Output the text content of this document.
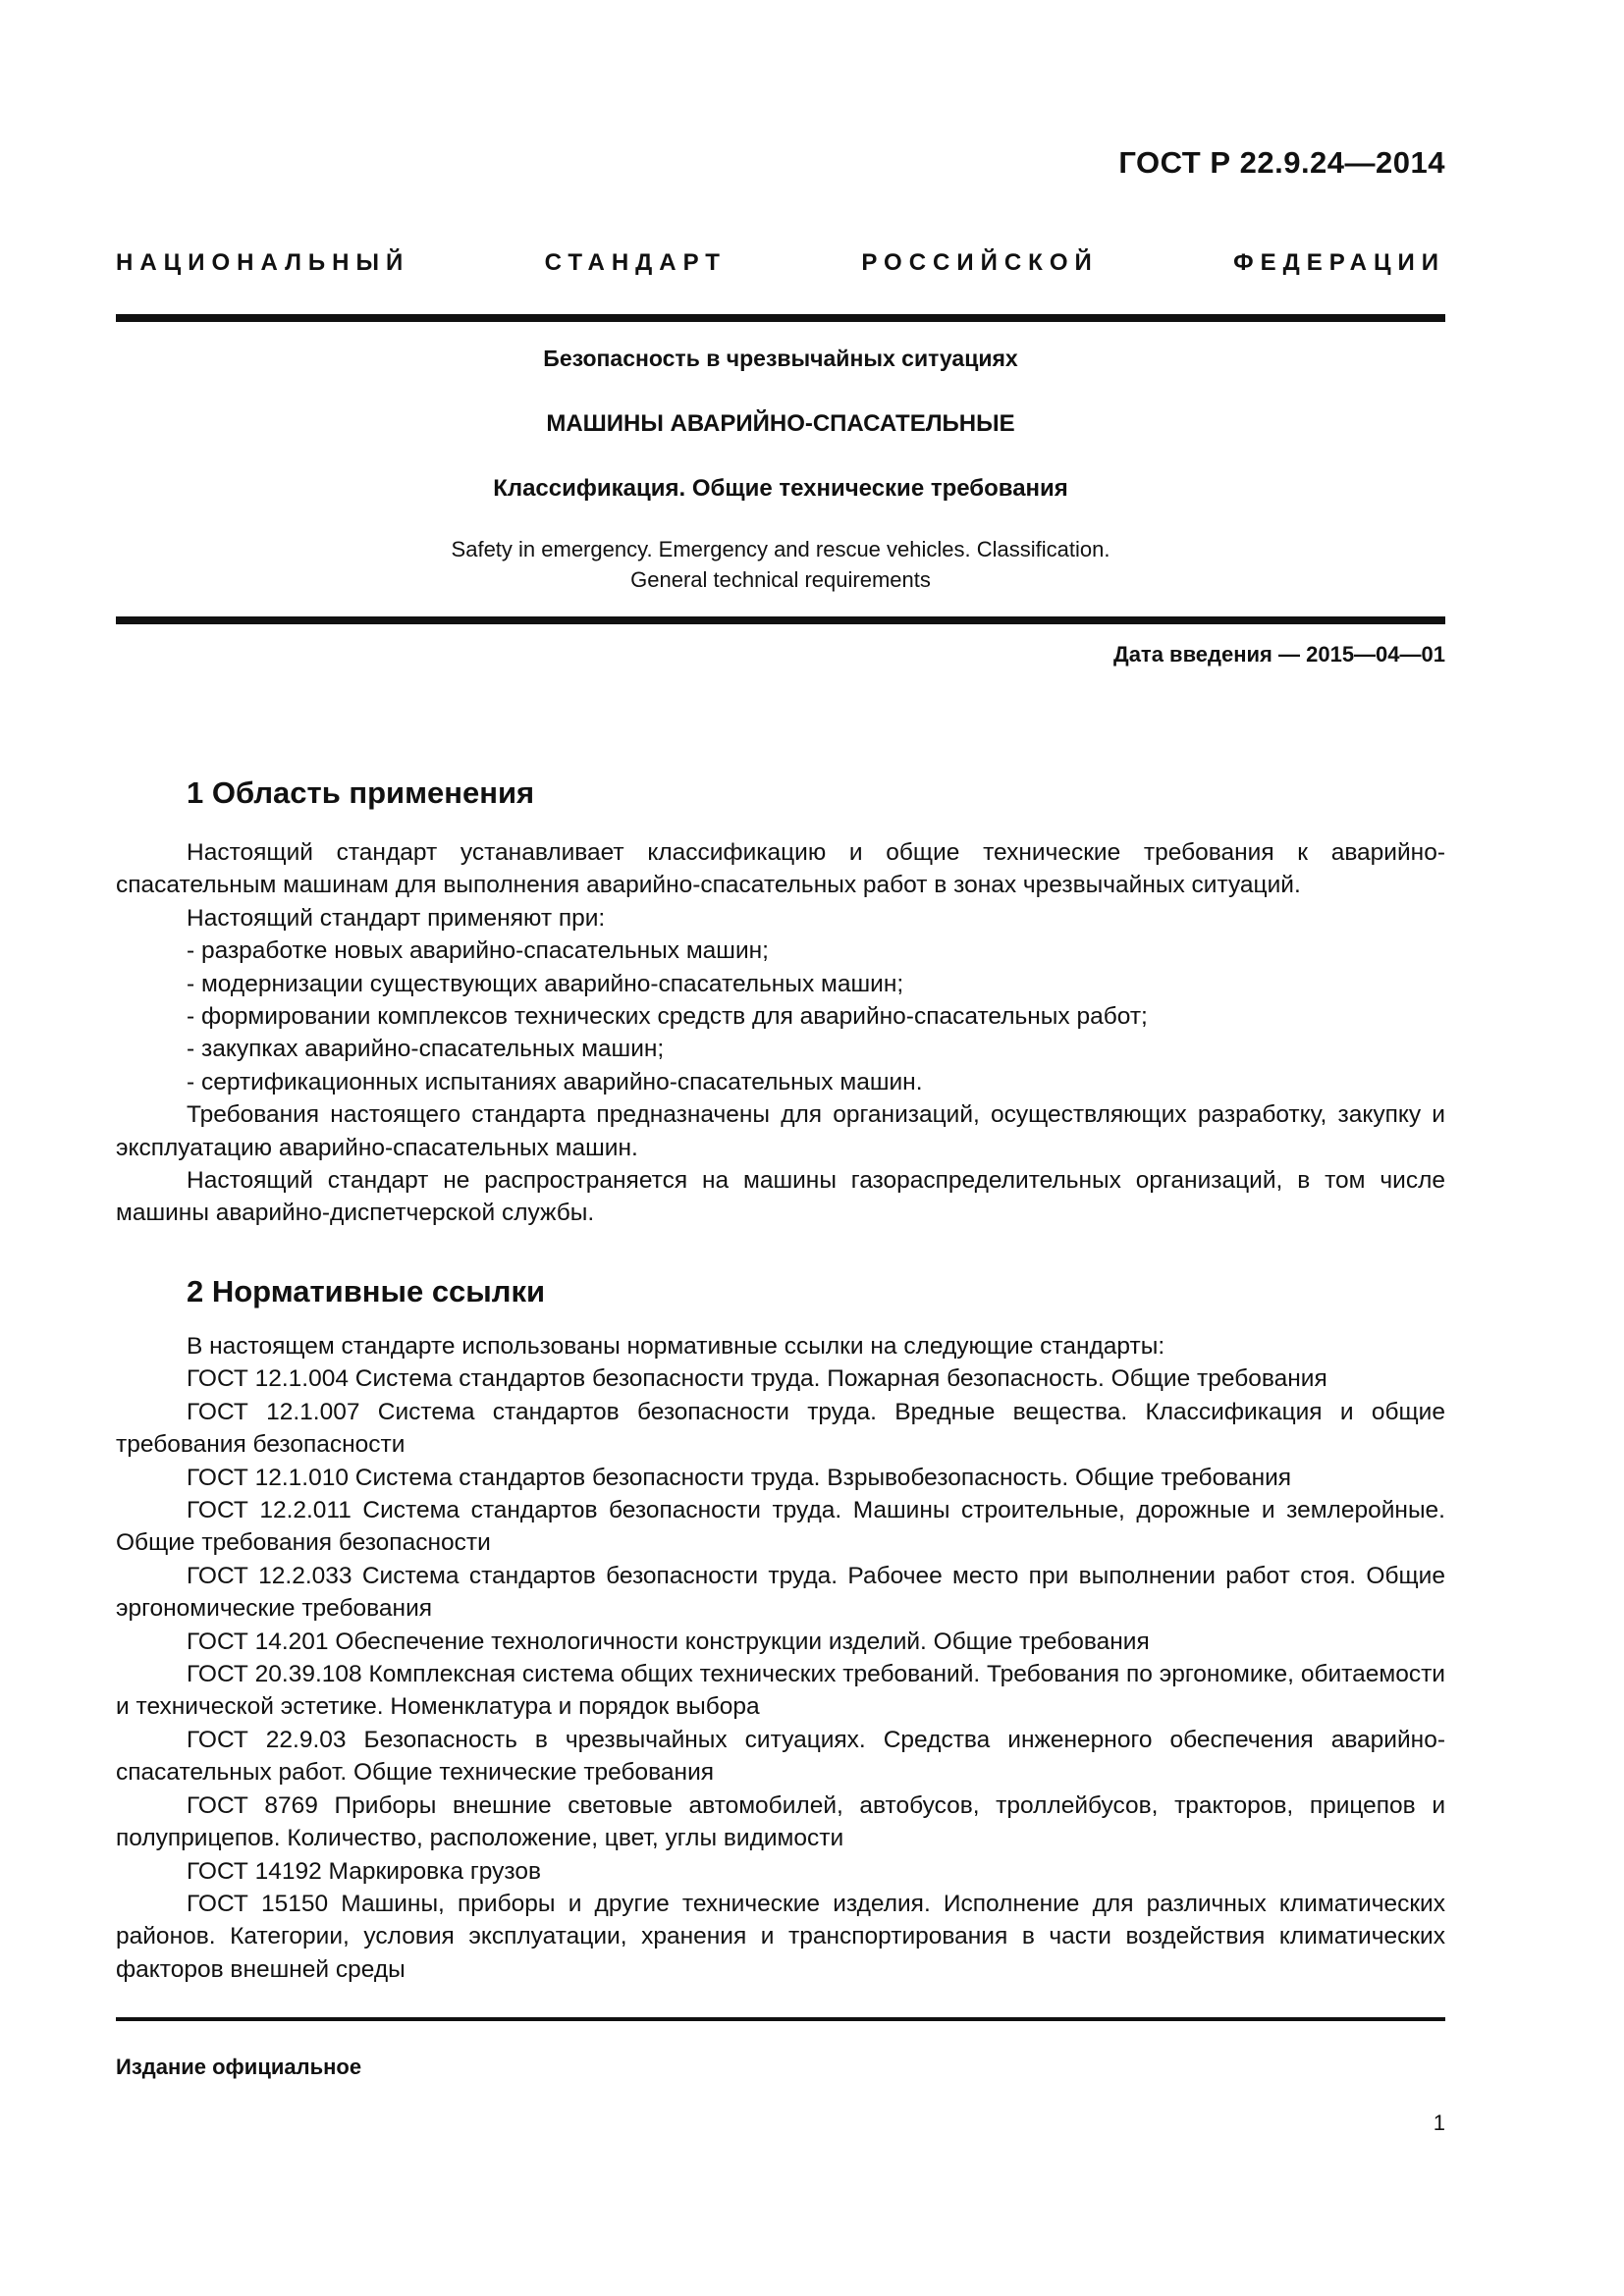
ГОСТ Р 22.9.24—2014
НАЦИОНАЛЬНЫЙ СТАНДАРТ РОССИЙСКОЙ ФЕДЕРАЦИИ
Безопасность в чрезвычайных ситуациях
МАШИНЫ АВАРИЙНО-СПАСАТЕЛЬНЫЕ
Классификация. Общие технические требования
Safety in emergency. Emergency and rescue vehicles. Classification.
General technical requirements
Дата введения — 2015—04—01
1 Область применения
Настоящий стандарт устанавливает классификацию и общие технические требования к аварийно-спасательным машинам для выполнения аварийно-спасательных работ в зонах чрезвычайных ситуаций.
Настоящий стандарт применяют при:
- разработке новых аварийно-спасательных машин;
- модернизации существующих аварийно-спасательных машин;
- формировании комплексов технических средств для аварийно-спасательных работ;
- закупках аварийно-спасательных машин;
- сертификационных испытаниях аварийно-спасательных машин.
Требования настоящего стандарта предназначены для организаций, осуществляющих разработку, закупку и эксплуатацию аварийно-спасательных машин.
Настоящий стандарт не распространяется на машины газораспределительных организаций, в том числе машины аварийно-диспетчерской службы.
2 Нормативные ссылки
В настоящем стандарте использованы нормативные ссылки на следующие стандарты:
ГОСТ 12.1.004 Система стандартов безопасности труда. Пожарная безопасность. Общие требования
ГОСТ 12.1.007 Система стандартов безопасности труда. Вредные вещества. Классификация и общие требования безопасности
ГОСТ 12.1.010 Система стандартов безопасности труда. Взрывобезопасность. Общие требования
ГОСТ 12.2.011 Система стандартов безопасности труда. Машины строительные, дорожные и землеройные. Общие требования безопасности
ГОСТ 12.2.033 Система стандартов безопасности труда. Рабочее место при выполнении работ стоя. Общие эргономические требования
ГОСТ 14.201 Обеспечение технологичности конструкции изделий. Общие требования
ГОСТ 20.39.108 Комплексная система общих технических требований. Требования по эргономике, обитаемости и технической эстетике. Номенклатура и порядок выбора
ГОСТ 22.9.03 Безопасность в чрезвычайных ситуациях. Средства инженерного обеспечения аварийно-спасательных работ. Общие технические требования
ГОСТ 8769 Приборы внешние световые автомобилей, автобусов, троллейбусов, тракторов, прицепов и полуприцепов. Количество, расположение, цвет, углы видимости
ГОСТ 14192 Маркировка грузов
ГОСТ 15150 Машины, приборы и другие технические изделия. Исполнение для различных климатических районов. Категории, условия эксплуатации, хранения и транспортирования в части воздействия климатических факторов внешней среды
Издание официальное
1
